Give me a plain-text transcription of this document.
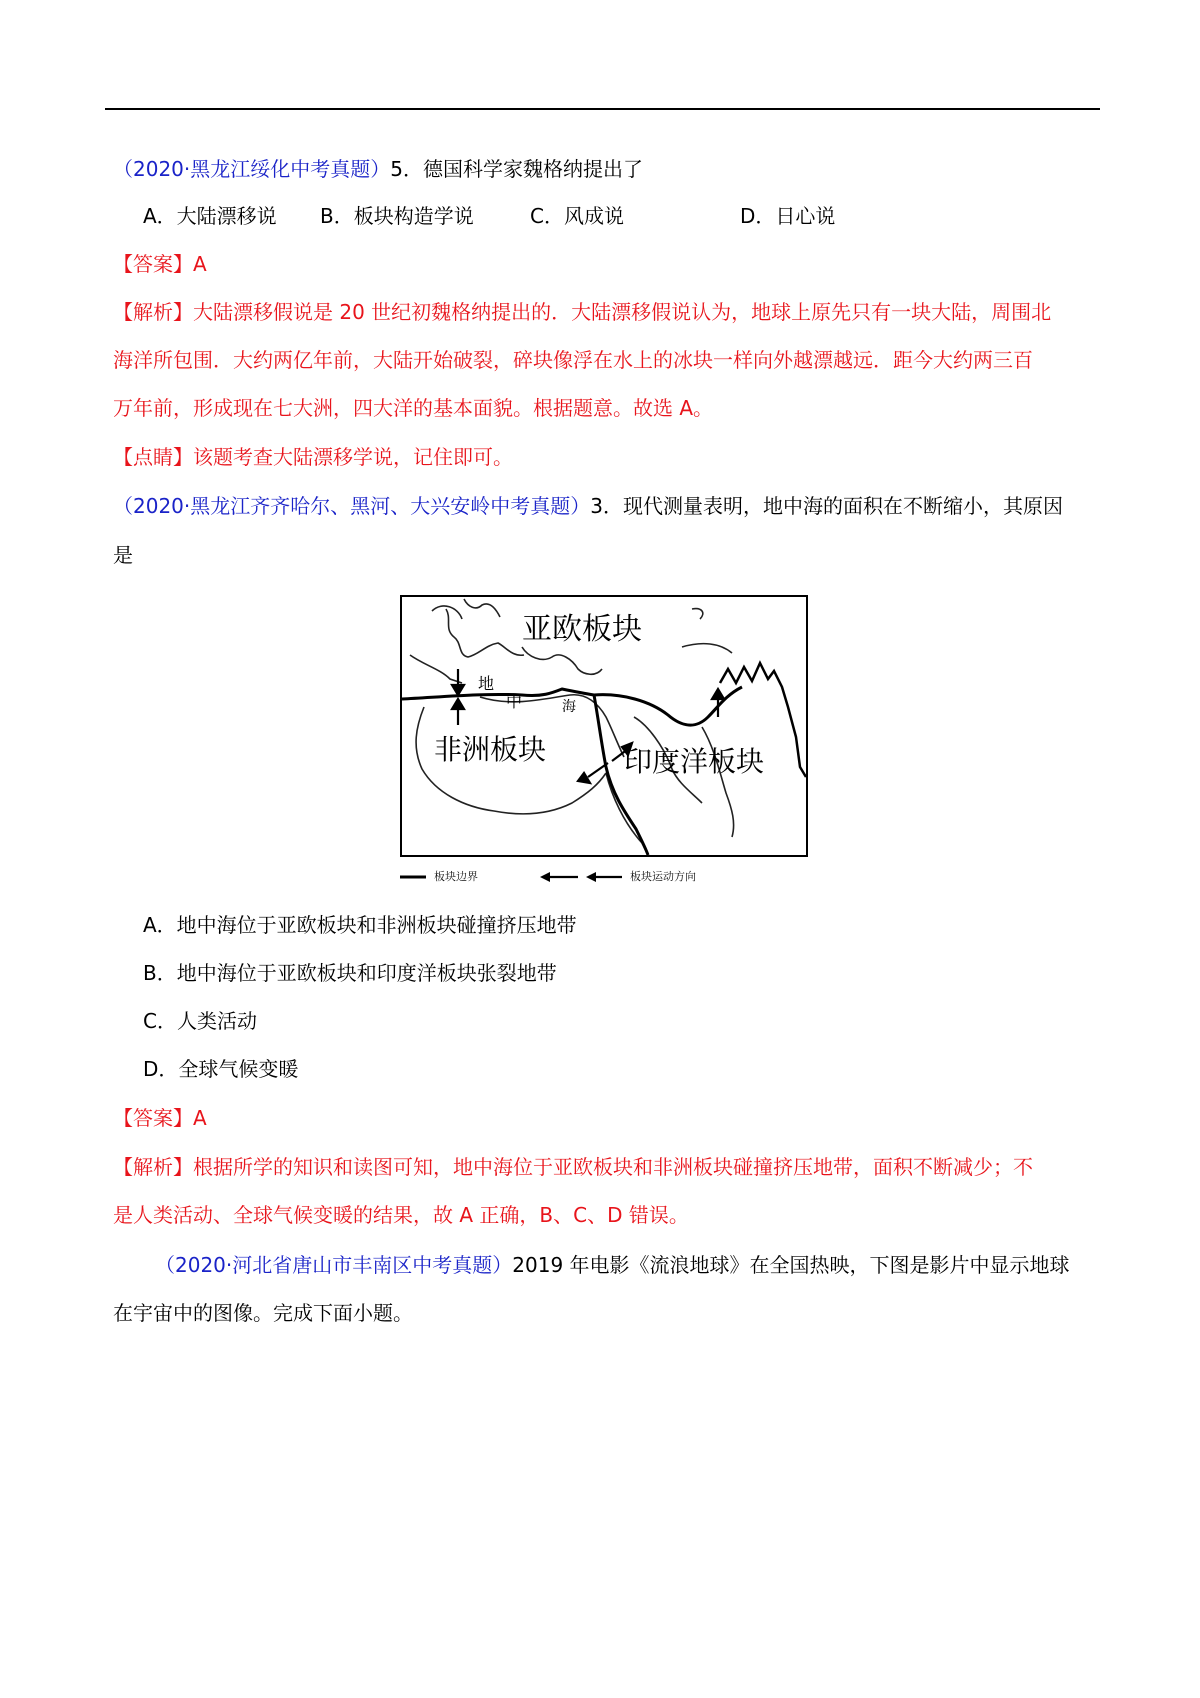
（2020·黑龙江绥化中考真题）5．德国科学家魏格纳提出了
A．大陆漂移说 B．板块构造学说	C．风成说	D．日心说
【答案】A
【解析】大陆漂移假说是 20 世纪初魏格纳提出的．大陆漂移假说认为，地球上原先只有一块大陆，周围北
海洋所包围．大约两亿年前，大陆开始破裂，碎块像浮在水上的冰块一样向外越漂越远．距今大约两三百
万年前，形成现在七大洲，四大洋的基本面貌。根据题意。故选 A。
【点睛】该题考查大陆漂移学说，记住即可。
（2020·黑龙江齐齐哈尔、黑河、大兴安岭中考真题）3．现代测量表明，地中海的面积在不断缩小，其原因
是
亚欧板块
非洲板块	印度洋板块
地
中	海
板块边界	板块运动方向
A．地中海位于亚欧板块和非洲板块碰撞挤压地带
B．地中海位于亚欧板块和印度洋板块张裂地带
C．人类活动
D．全球气候变暖
【答案】A
【解析】根据所学的知识和读图可知，地中海位于亚欧板块和非洲板块碰撞挤压地带，面积不断减少；不
是人类活动、全球气候变暖的结果，故 A 正确，B、C、D 错误。
（2020·河北省唐山市丰南区中考真题）2019 年电影《流浪地球》在全国热映，下图是影片中显示地球
在宇宙中的图像。完成下面小题。
